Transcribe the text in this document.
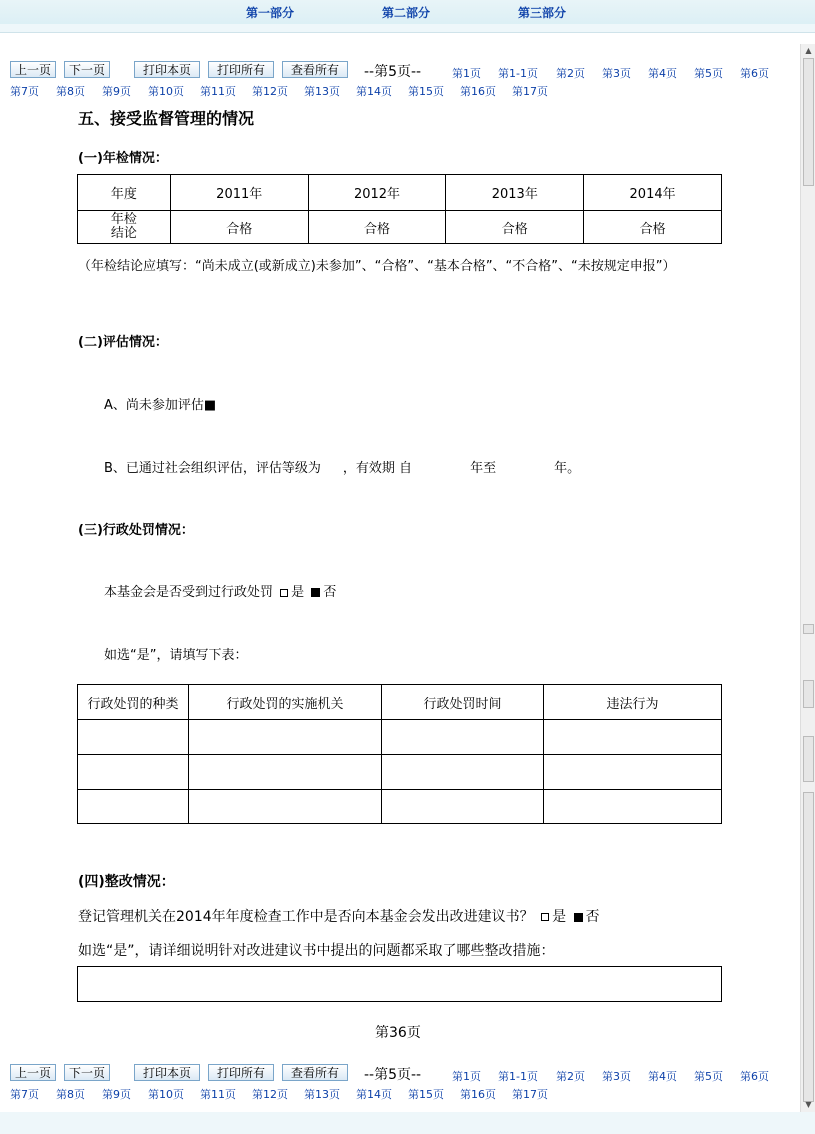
第一部分	第二部分	第三部分
▲
▼
上一页	下一页	打印本页	打印所有	查看所有	--第5页--	第1页 第1-1页 第2页 第3页 第4页 第5页 第6页
第7页 第8页 第9页 第10页 第11页 第12页 第13页 第14页 第15页 第16页 第17页
五、接受监督管理的情况
(一)年检情况：
年度	2011年	2012年	2013年	2014年
年检
结论	合格	合格	合格	合格
（年检结论应填写：“尚未成立(或新成立)未参加”、“合格”、“基本合格”、“不合格”、“未按规定申报”）
(二)评估情况：
A、尚未参加评估■
B、已通过社会组织评估，评估等级为 ，有效期 自	年至	年。
(三)行政处罚情况：
本基金会是否受到过行政处罚 是 否
如选“是”，请填写下表：
行政处罚的种类	行政处罚的实施机关	行政处罚时间	违法行为

(四)整改情况：
登记管理机关在2014年年度检查工作中是否向本基金会发出改进建议书？ 是 否
如选“是”，请详细说明针对改进建议书中提出的问题都采取了哪些整改措施：
第36页
上一页	下一页	打印本页	打印所有	查看所有	--第5页--	第1页 第1-1页 第2页 第3页 第4页 第5页 第6页
第7页 第8页 第9页 第10页 第11页 第12页 第13页 第14页 第15页 第16页 第17页
